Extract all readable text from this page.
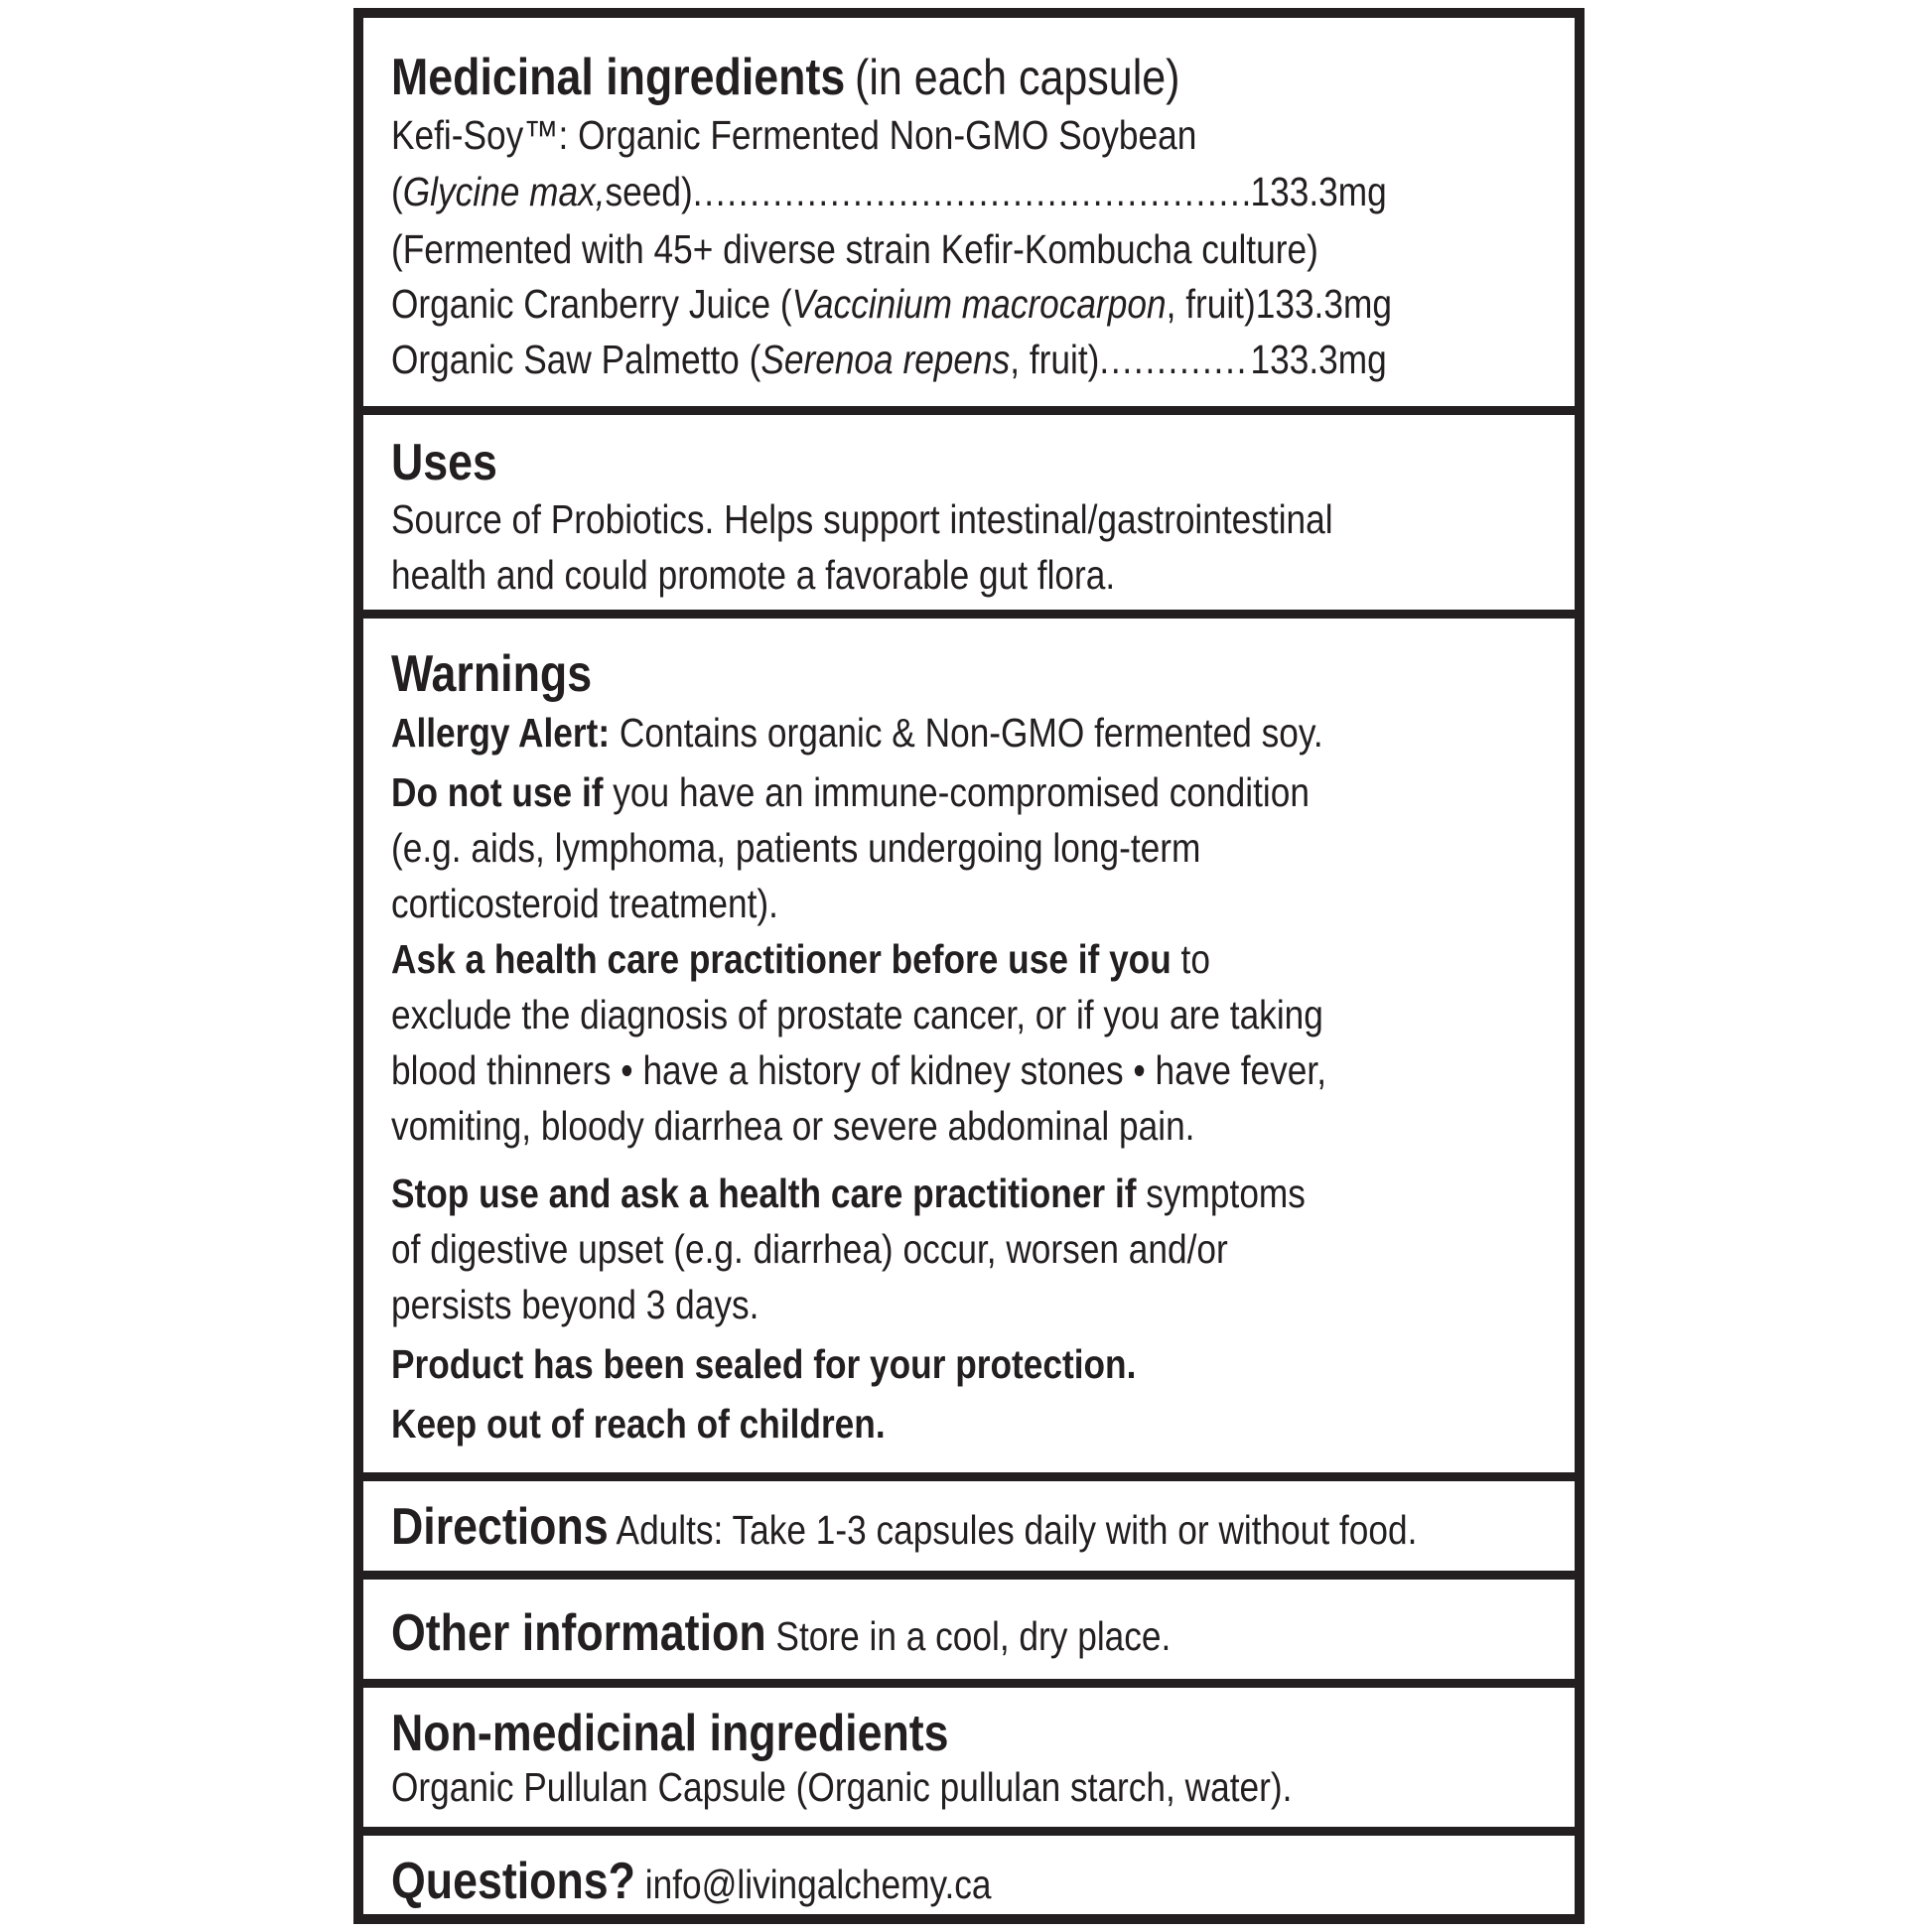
Medicinal ingredients (in each capsule)
Kefi-Soy™: Organic Fermented Non-GMO Soybean
( Glycine max, seed) .....	133.3mg
(Fermented with 45+ diverse strain Kefir-Kombucha culture)
Organic Cranberry Juice ( Vaccinium macrocarpon , fruit) 133.3mg
Organic Saw Palmetto ( Serenoa repens , fruit) .....	133.3mg
Uses
Source of Probiotics. Helps support intestinal/gastrointestinal
health and could promote a favorable gut flora.
Warnings
Allergy Alert: Contains organic & Non-GMO fermented soy.
Do not use if you have an immune-compromised condition
(e.g. aids, lymphoma, patients undergoing long-term
corticosteroid treatment).
Ask a health care practitioner before use if you to
exclude the diagnosis of prostate cancer, or if you are taking
blood thinners • have a history of kidney stones • have fever,
vomiting, bloody diarrhea or severe abdominal pain.
Stop use and ask a health care practitioner if symptoms
of digestive upset (e.g. diarrhea) occur, worsen and/or
persists beyond 3 days.
Product has been sealed for your protection.
Keep out of reach of children.
Directions Adults: Take 1-3 capsules daily with or without food.
Other information Store in a cool, dry place.
Non-medicinal ingredients
Organic Pullulan Capsule (Organic pullulan starch, water).
Questions? info@livingalchemy.ca
